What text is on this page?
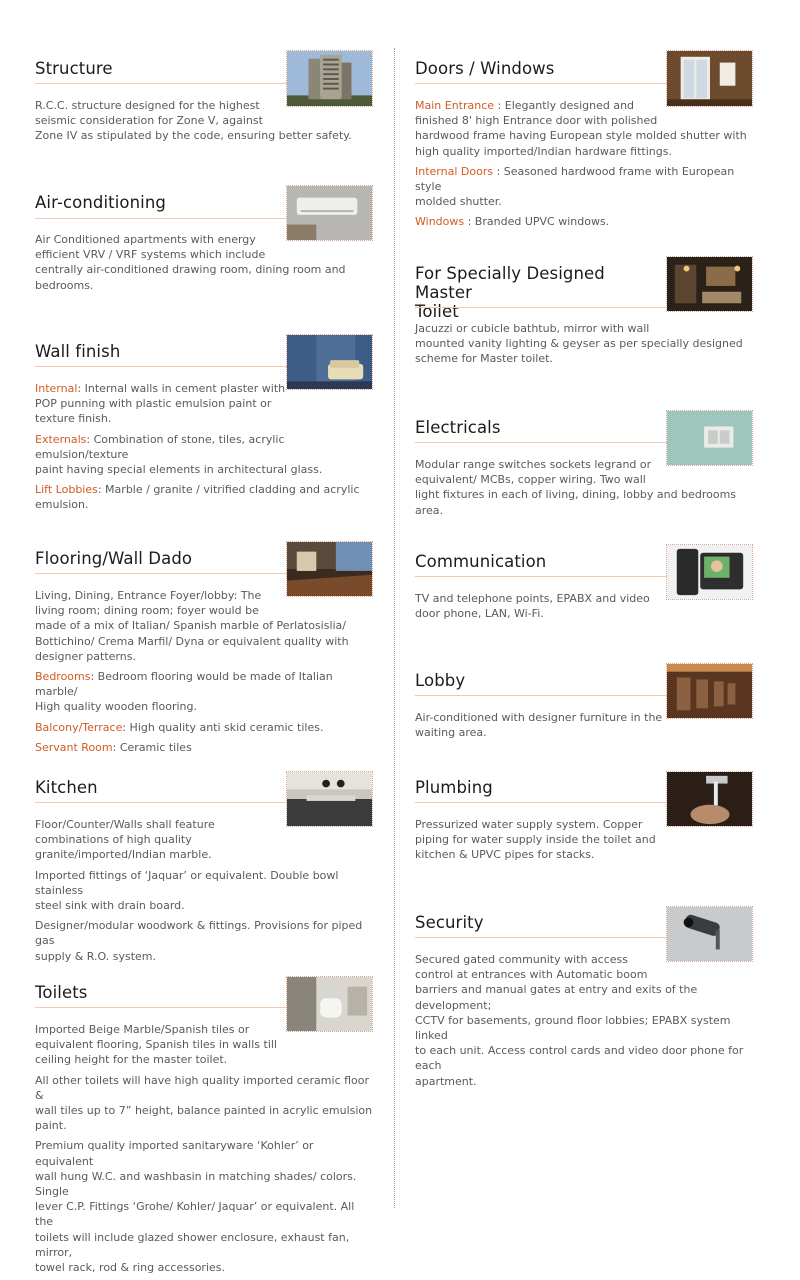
Structure

R.C.C. structure designed for the highest
seismic consideration for Zone V, against
Zone IV as stipulated by the code, ensuring better safety.

Air-conditioning

Air Conditioned apartments with energy
efficient VRV / VRF systems which include
centrally air-conditioned drawing room, dining room and
bedrooms.

Wall finish

Internal: Internal walls in cement plaster with
POP punning with plastic emulsion paint or
texture finish.

Externals: Combination of stone, tiles, acrylic emulsion/texture
paint having special elements in architectural glass.

Lift Lobbies: Marble / granite / vitrified cladding and acrylic
emulsion.

Flooring/Wall Dado

Living, Dining, Entrance Foyer/lobby: The
living room; dining room; foyer would be
made of a mix of Italian/ Spanish marble of Perlatosislia/
Bottichino/ Crema Marfil/ Dyna or equivalent quality with
designer patterns.

Bedrooms: Bedroom flooring would be made of Italian marble/
High quality wooden flooring.

Balcony/Terrace: High quality anti skid ceramic tiles.

Servant Room: Ceramic tiles

Kitchen

Floor/Counter/Walls shall feature
combinations of high quality
granite/imported/Indian marble.

Imported fittings of ‘Jaquar’ or equivalent. Double bowl stainless
steel sink with drain board.

Designer/modular woodwork & fittings. Provisions for piped gas
supply & R.O. system.

Toilets

Imported Beige Marble/Spanish tiles or
equivalent flooring, Spanish tiles in walls till
ceiling height for the master toilet.

All other toilets will have high quality imported ceramic floor &
wall tiles up to 7” height, balance painted in acrylic emulsion
paint.

Premium quality imported sanitaryware ‘Kohler’ or equivalent
wall hung W.C. and washbasin in matching shades/ colors. Single
lever C.P. Fittings ‘Grohe/ Kohler/ Jaquar’ or equivalent. All the
toilets will include glazed shower enclosure, exhaust fan, mirror,
towel rack, rod & ring accessories.

Doors / Windows

Main Entrance : Elegantly designed and
finished 8' high Entrance door with polished
hardwood frame having European style molded shutter with
high quality imported/Indian hardware fittings.

Internal Doors : Seasoned hardwood frame with European style
molded shutter.

Windows : Branded UPVC windows.

For Specially Designed Master
Toilet

Jacuzzi or cubicle bathtub, mirror with wall
mounted vanity lighting & geyser as per specially designed
scheme for Master toilet.

Electricals

Modular range switches sockets legrand or
equivalent/ MCBs, copper wiring. Two wall
light fixtures in each of living, dining, lobby and bedrooms area.

Communication

TV and telephone points, EPABX and video
door phone, LAN, Wi-Fi.

Lobby

Air-conditioned with designer furniture in the
waiting area.

Plumbing

Pressurized water supply system. Copper
piping for water supply inside the toilet and
kitchen & UPVC pipes for stacks.

Security

Secured gated community with access
control at entrances with Automatic boom
barriers and manual gates at entry and exits of the development;
CCTV for basements, ground floor lobbies; EPABX system linked
to each unit. Access control cards and video door phone for each
apartment.
